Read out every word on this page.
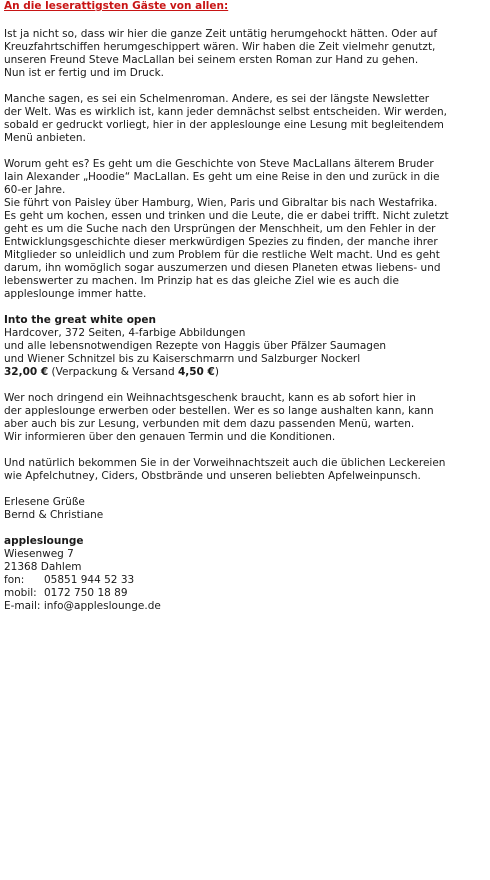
An die leserattigsten Gäste von allen:
Ist ja nicht so, dass wir hier die ganze Zeit untätig herumgehockt hätten. Oder auf
Kreuzfahrtschiffen herumgeschippert wären. Wir haben die Zeit vielmehr genutzt,
unseren Freund Steve MacLallan bei seinem ersten Roman zur Hand zu gehen.
Nun ist er fertig und im Druck.
Manche sagen, es sei ein Schelmenroman. Andere, es sei der längste Newsletter
der Welt. Was es wirklich ist, kann jeder demnächst selbst entscheiden. Wir werden,
sobald er gedruckt vorliegt, hier in der appleslounge eine Lesung mit begleitendem
Menü anbieten.
Worum geht es? Es geht um die Geschichte von Steve MacLallans älterem Bruder
Iain Alexander „Hoodie“ MacLallan. Es geht um eine Reise in den und zurück in die
60-er Jahre.
Sie führt von Paisley über Hamburg, Wien, Paris und Gibraltar bis nach Westafrika.
Es geht um kochen, essen und trinken und die Leute, die er dabei trifft. Nicht zuletzt
geht es um die Suche nach den Ursprüngen der Menschheit, um den Fehler in der
Entwicklungsgeschichte dieser merkwürdigen Spezies zu finden, der manche ihrer
Mitglieder so unleidlich und zum Problem für die restliche Welt macht. Und es geht
darum, ihn womöglich sogar auszumerzen und diesen Planeten etwas liebens- und
lebenswerter zu machen. Im Prinzip hat es das gleiche Ziel wie es auch die
appleslounge immer hatte.
Into the great white open
Hardcover, 372 Seiten, 4-farbige Abbildungen
und alle lebensnotwendigen Rezepte von Haggis über Pfälzer Saumagen
und Wiener Schnitzel bis zu Kaiserschmarrn und Salzburger Nockerl
32,00 € (Verpackung & Versand 4,50 €)
Wer noch dringend ein Weihnachtsgeschenk braucht, kann es ab sofort hier in
der appleslounge erwerben oder bestellen. Wer es so lange aushalten kann, kann
aber auch bis zur Lesung, verbunden mit dem dazu passenden Menü, warten.
Wir informieren über den genauen Termin und die Konditionen.
Und natürlich bekommen Sie in der Vorweihnachtszeit auch die üblichen Leckereien
wie Apfelchutney, Ciders, Obstbrände und unseren beliebten Apfelweinpunsch.
Erlesene Grüße
Bernd & Christiane
appleslounge
Wiesenweg 7
21368 Dahlem
fon: 05851 944 52 33
mobil: 0172 750 18 89
E-mail: info@appleslounge.de
